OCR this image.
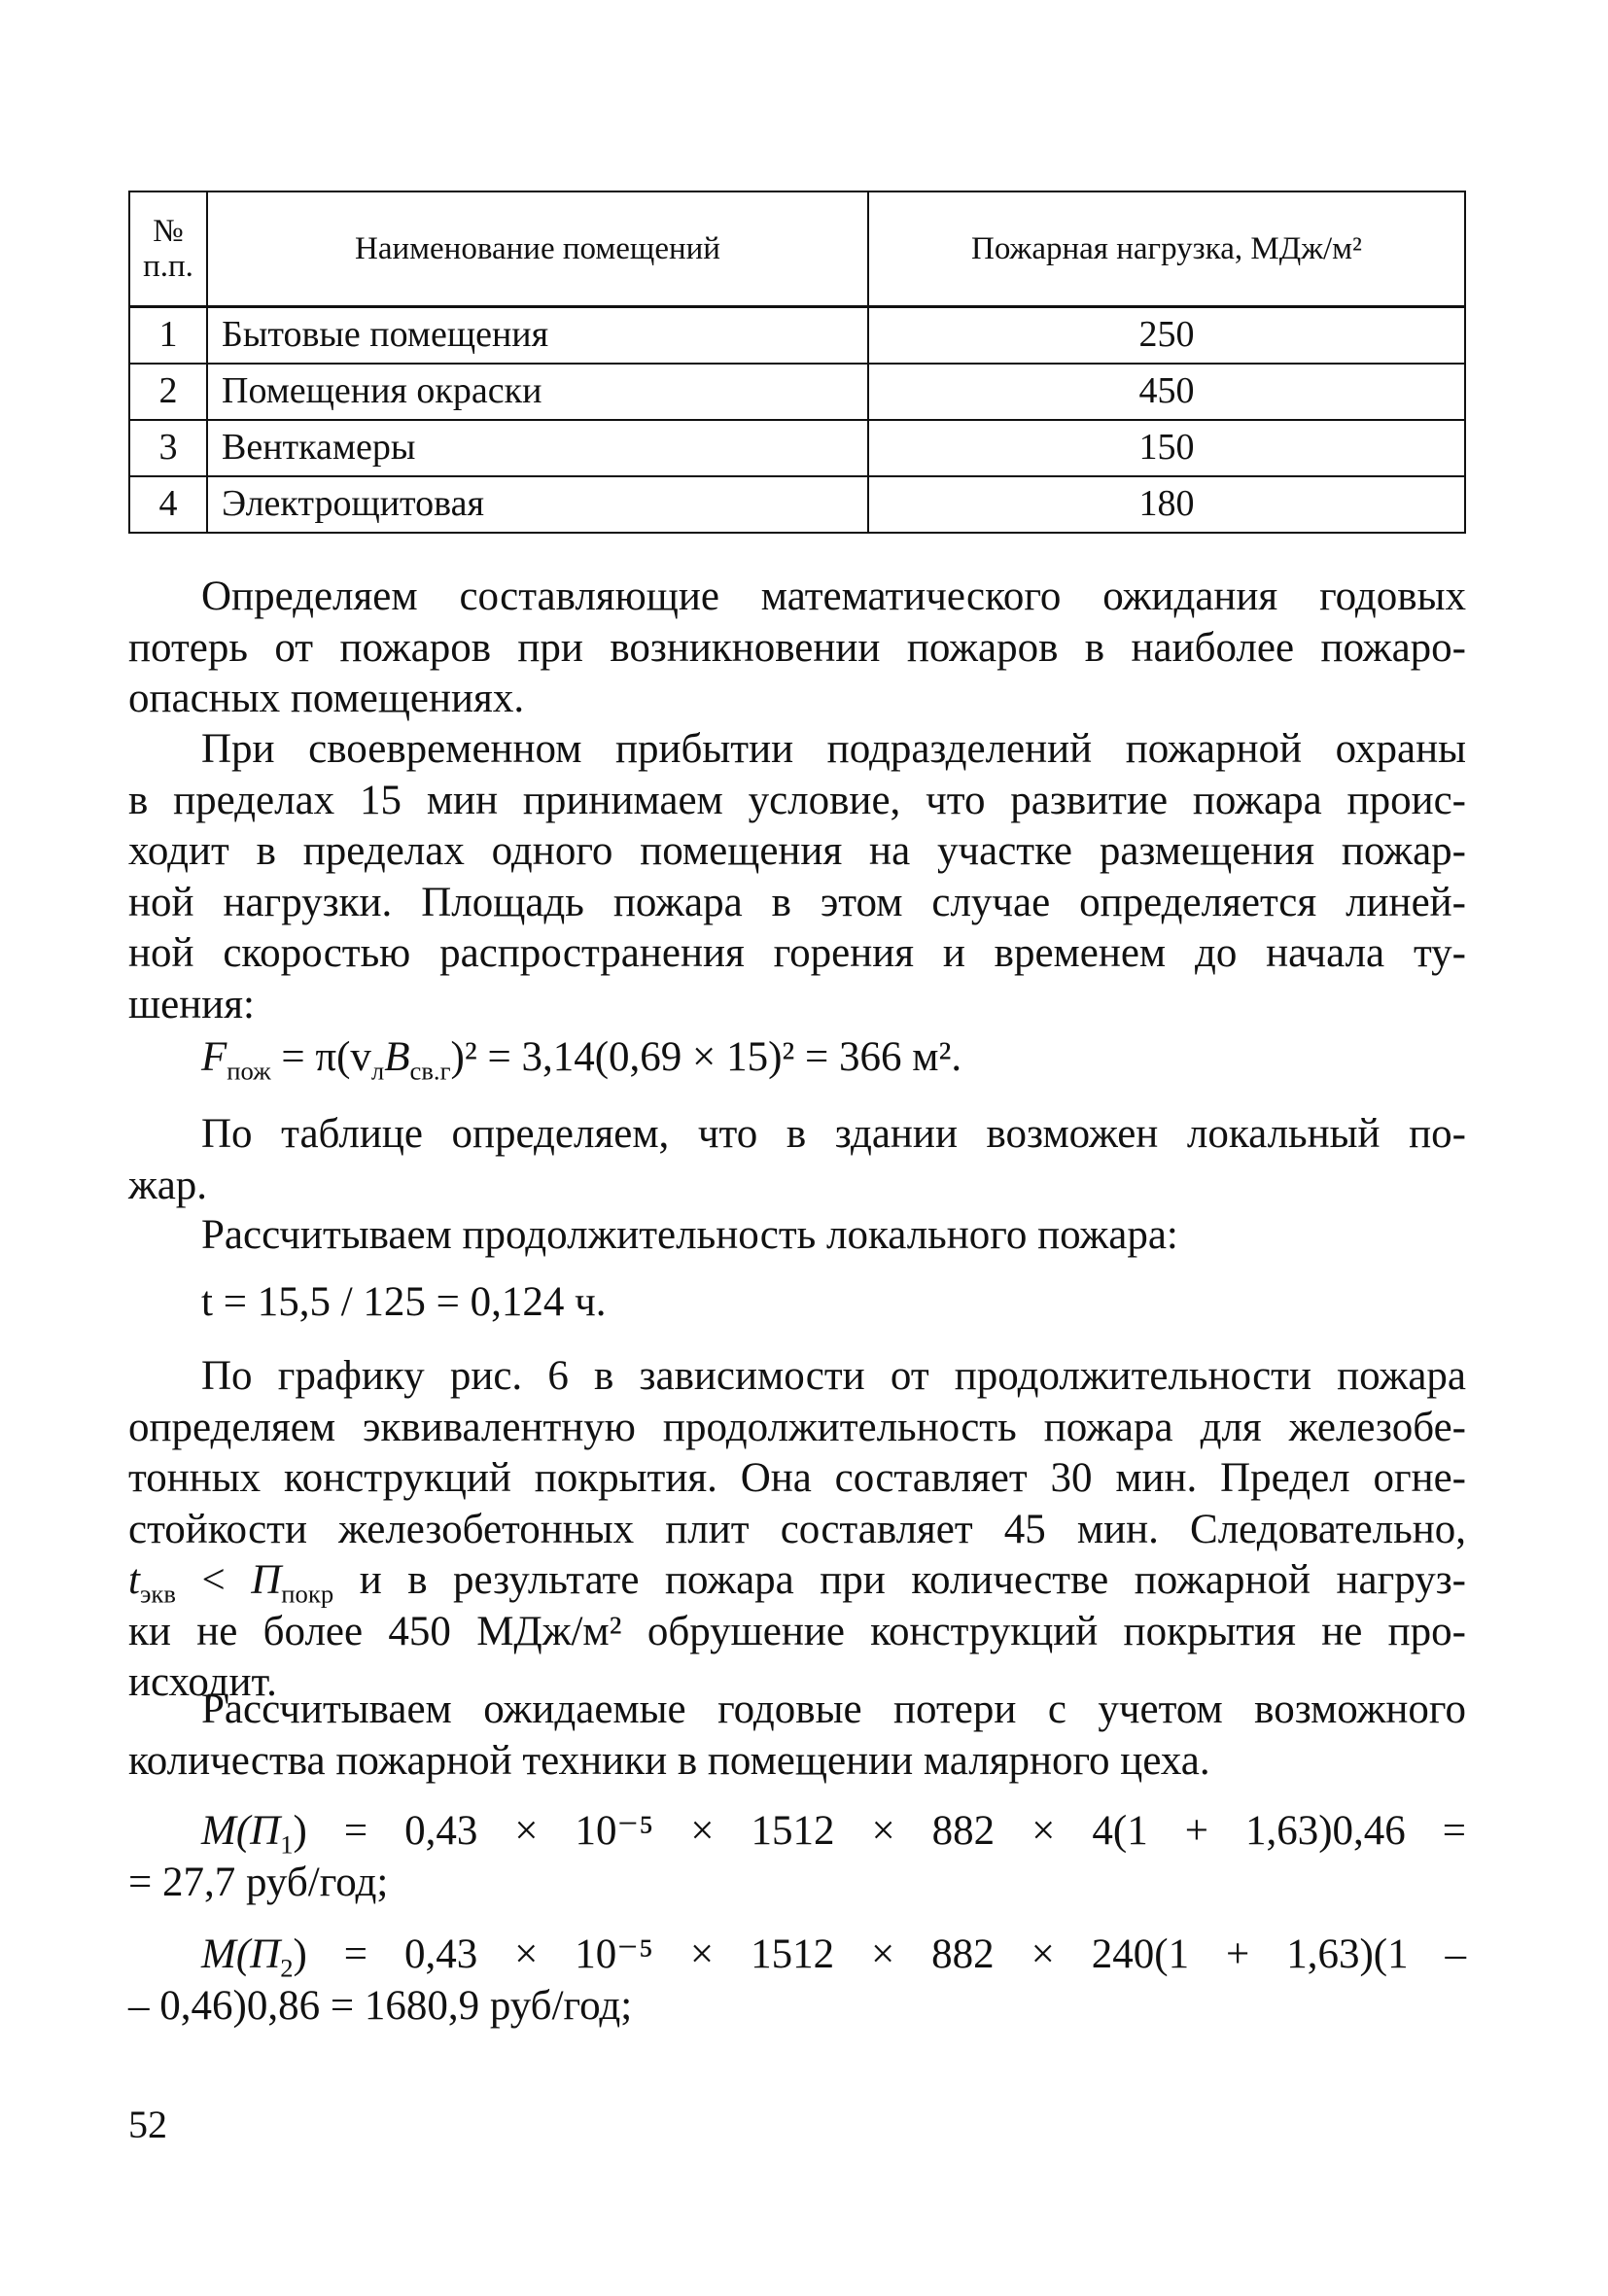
№
п.п.	Наименование помещений	Пожарная нагрузка, МДж/м²
1	Бытовые помещения	250
2	Помещения окраски	450
3	Венткамеры	150
4	Электрощитовая	180
Определяем составляющие математического ожидания годовых
потерь от пожаров при возникновении пожаров в наиболее пожаро-
опасных помещениях.
При своевременном прибытии подразделений пожарной охраны
в пределах 15 мин принимаем условие, что развитие пожара проис-
ходит в пределах одного помещения на участке размещения пожар-
ной нагрузки. Площадь пожара в этом случае определяется линей-
ной скоростью распространения горения и временем до начала ту-
шения:
$F_{пож} = \pi(v_лB_{св.г})^2 = 3,14(0,69 \times 15)^2 = 366$ м².
По таблице определяем, что в здании возможен локальный по-
жар.
Рассчитываем продолжительность локального пожара:
t = 15,5 / 125 = 0,124 ч.
По графику рис. 6 в зависимости от продолжительности пожара
определяем эквивалентную продолжительность пожара для железобе-
тонных конструкций покрытия. Она составляет 30 мин. Предел огне-
стойкости железобетонных плит составляет 45 мин. Следовательно,
$t_{экв} < П_{покр}$ и в результате пожара при количестве пожарной нагруз-
ки не более 450 МДж/м² обрушение конструкций покрытия не про-
исходит.
Рассчитываем ожидаемые годовые потери с учетом возможного
количества пожарной техники в помещении малярного цеха.
$М(П_1) = 0,43 \times 10^{-5} \times 1512 \times 882 \times 4(1 + 1,63)0,46$ =
= 27,7 руб/год;
$М(П_2) = 0,43 \times 10^{-5} \times 1512 \times 882 \times 240(1 + 1,63)(1$ –
– 0,46)0,86 = 1680,9 руб/год;
52
